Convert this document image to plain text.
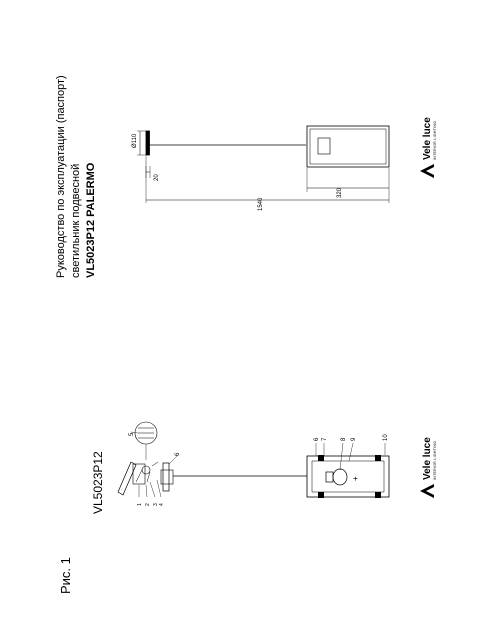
Руководство по эксплуатации (паспорт) светильник подвесной VL5023P12 PALERMO
Рис. 1
VL5023P12
Ø110
20
1540
320
6 7 8 9	10
6
5
1 2 3 4
+
Vele luce INTERIOR LIGHTING
Vele luce INTERIOR LIGHTING
